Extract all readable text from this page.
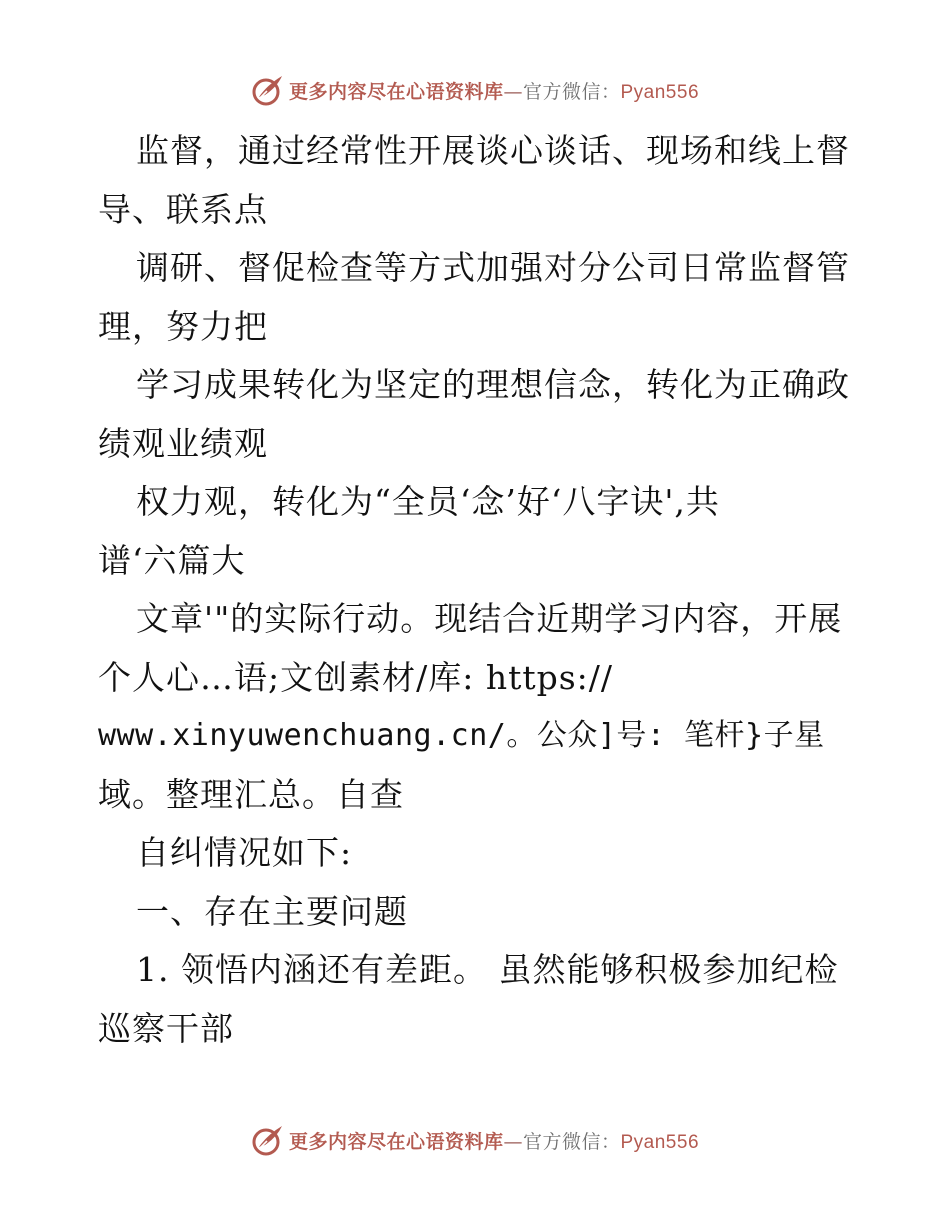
更多内容尽在心语资料库—官方微信：Pyan556
监督，通过经常性开展谈心谈话、现场和线上督
导、联系点
调研、督促检查等方式加强对分公司日常监督管
理，努力把
学习成果转化为坚定的理想信念，转化为正确政
绩观业绩观
权力观，转化为“全员‘念’好‘八字诀',共
谱‘六篇大
文章'"的实际行动。现结合近期学习内容，开展
个人心…语;文创素材/库: https://
www.xinyuwenchuang.cn/。公众]号: 笔杆}子星
域。整理汇总。自查
自纠情况如下:
一、存在主要问题
1. 领悟内涵还有差距。 虽然能够积极参加纪检
巡察干部
更多内容尽在心语资料库—官方微信：Pyan556
